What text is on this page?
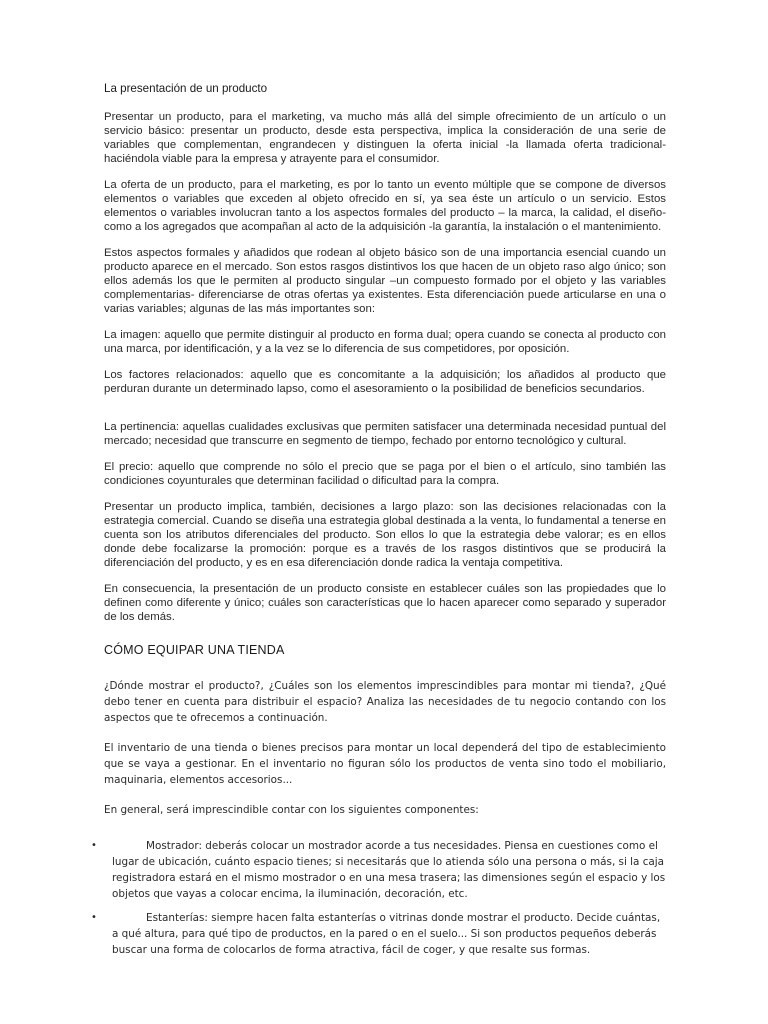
La presentación de un producto

Presentar un producto, para el marketing, va mucho más allá del simple ofrecimiento de un artículo o un servicio básico: presentar un producto, desde esta perspectiva, implica la consideración de una serie de variables que complementan, engrandecen y distinguen la oferta inicial -la llamada oferta tradicional- haciéndola viable para la empresa y atrayente para el consumidor.

La oferta de un producto, para el marketing, es por lo tanto un evento múltiple que se compone de diversos elementos o variables que exceden al objeto ofrecido en sí, ya sea éste un artículo o un servicio. Estos elementos o variables involucran tanto a los aspectos formales del producto – la marca, la calidad, el diseño- como a los agregados que acompañan al acto de la adquisición -la garantía, la instalación o el mantenimiento.

Estos aspectos formales y añadidos que rodean al objeto básico son de una importancia esencial cuando un producto aparece en el mercado. Son estos rasgos distintivos los que hacen de un objeto raso algo único; son ellos además los que le permiten al producto singular –un compuesto formado por el objeto y las variables complementarias- diferenciarse de otras ofertas ya existentes. Esta diferenciación puede articularse en una o varias variables; algunas de las más importantes son:

La imagen: aquello que permite distinguir al producto en forma dual; opera cuando se conecta al producto con una marca, por identificación, y a la vez se lo diferencia de sus competidores, por oposición.

Los factores relacionados: aquello que es concomitante a la adquisición; los añadidos al producto que perduran durante un determinado lapso, como el asesoramiento o la posibilidad de beneficios secundarios.

La pertinencia: aquellas cualidades exclusivas que permiten satisfacer una determinada necesidad puntual del mercado; necesidad que transcurre en segmento de tiempo, fechado por entorno tecnológico y cultural.

El precio: aquello que comprende no sólo el precio que se paga por el bien o el artículo, sino también las condiciones coyunturales que determinan facilidad o dificultad para la compra.

Presentar un producto implica, también, decisiones a largo plazo: son las decisiones relacionadas con la estrategia comercial. Cuando se diseña una estrategia global destinada a la venta, lo fundamental a tenerse en cuenta son los atributos diferenciales del producto. Son ellos lo que la estrategia debe valorar; es en ellos donde debe focalizarse la promoción: porque es a través de los rasgos distintivos que se producirá la diferenciación del producto, y es en esa diferenciación donde radica la ventaja competitiva.

En consecuencia, la presentación de un producto consiste en establecer cuáles son las propiedades que lo definen como diferente y único; cuáles son características que lo hacen aparecer como separado y superador de los demás.

CÓMO EQUIPAR UNA TIENDA

¿Dónde mostrar el producto?, ¿Cuáles son los elementos imprescindibles para montar mi tienda?, ¿Qué debo tener en cuenta para distribuir el espacio? Analiza las necesidades de tu negocio contando con los aspectos que te ofrecemos a continuación.

El inventario de una tienda o bienes precisos para montar un local dependerá del tipo de establecimiento que se vaya a gestionar. En el inventario no figuran sólo los productos de venta sino todo el mobiliario, maquinaria, elementos accesorios...

En general, será imprescindible contar con los siguientes componentes:

•	Mostrador: deberás colocar un mostrador acorde a tus necesidades. Piensa en cuestiones como el lugar de ubicación, cuánto espacio tienes; si necesitarás que lo atienda sólo una persona o más, si la caja registradora estará en el mismo mostrador o en una mesa trasera; las dimensiones según el espacio y los objetos que vayas a colocar encima, la iluminación, decoración, etc.
•	Estanterías: siempre hacen falta estanterías o vitrinas donde mostrar el producto. Decide cuántas, a qué altura, para qué tipo de productos, en la pared o en el suelo... Si son productos pequeños deberás buscar una forma de colocarlos de forma atractiva, fácil de coger, y que resalte sus formas.
